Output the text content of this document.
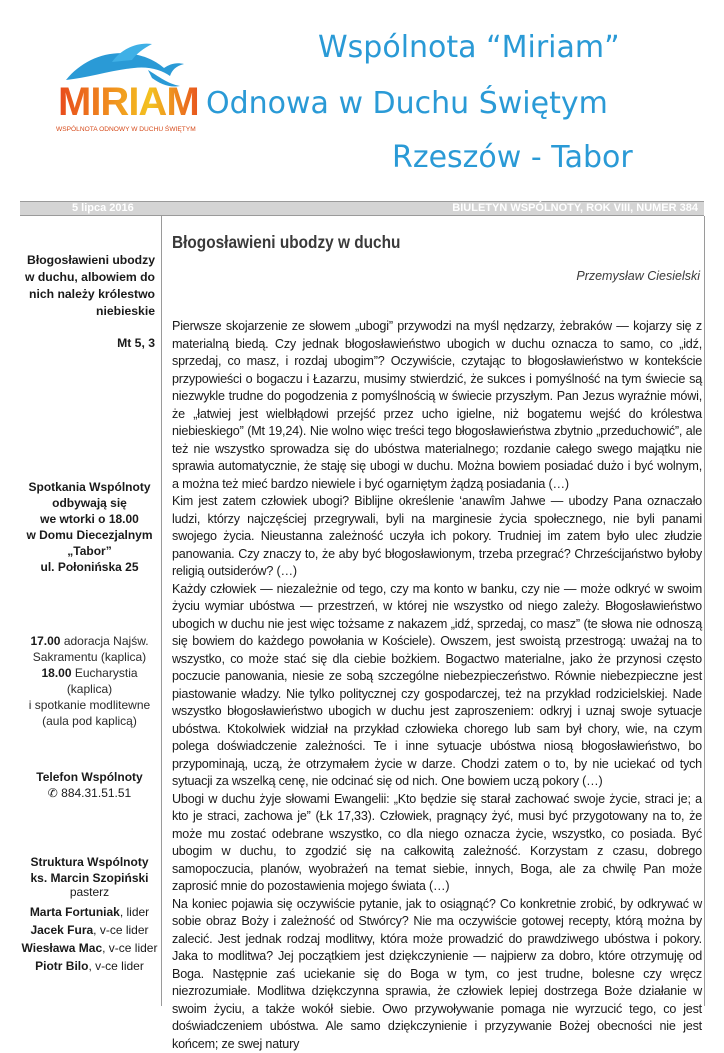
MIRIAM
WSPÓLNOTA ODNOWY W DUCHU ŚWIĘTYM
Wspólnota “Miriam”
Odnowa w Duchu Świętym
Rzeszów - Tabor
5 lipca 2016	BIULETYN WSPÓLNOTY, ROK VIII, NUMER 384
Błogosławieni ubodzy w duchu, albowiem do nich należy królestwo niebieskie
Mt 5, 3
Spotkania Wspólnoty
odbywają się
we wtorki o 18.00
w Domu Diecezjalnym
„Tabor”
ul. Połonińska 25
17.00 adoracja Najśw.
Sakramentu (kaplica)
18.00 Eucharystia (kaplica)
i spotkanie modlitewne
(aula pod kaplicą)
Telefon Wspólnoty
✆ 884.31.51.51
Struktura Wspólnoty
ks. Marcin Szopiński
pasterz
Marta Fortuniak, lider
Jacek Fura, v-ce lider
Wiesława Mac, v-ce lider
Piotr Bilo, v-ce lider
Błogosławieni ubodzy w duchu
Przemysław Ciesielski

Pierwsze skojarzenie ze słowem „ubogi” przywodzi na myśl nędzarzy, żebraków — kojarzy się z materialną biedą. Czy jednak błogosławieństwo ubogich w duchu oznacza to samo, co „idź, sprzedaj, co masz, i rozdaj ubogim”? Oczywiście, czytając to błogosławieństwo w kontekście przypowieści o bogaczu i Łazarzu, musimy stwierdzić, że sukces i pomyślność na tym świecie są niezwykle trudne do pogodzenia z pomyślnością w świecie przyszłym. Pan Jezus wyraźnie mówi, że „łatwiej jest wielbłądowi przejść przez ucho igielne, niż bogatemu wejść do królestwa niebieskiego” (Mt 19,24). Nie wolno więc treści tego błogosławieństwa zbytnio „przeduchowić”, ale też nie wszystko sprowadza się do ubóstwa materialnego; rozdanie całego swego majątku nie sprawia automatycznie, że staję się ubogi w duchu. Można bowiem posiadać dużo i być wolnym, a można też mieć bardzo niewiele i być ogarniętym żądzą posiadania (…)

Kim jest zatem człowiek ubogi? Biblijne określenie ‘anawîm Jahwe — ubodzy Pana oznaczało ludzi, którzy najczęściej przegrywali, byli na marginesie życia społecznego, nie byli panami swojego życia. Nieustanna zależność uczyła ich pokory. Trudniej im zatem było ulec złudzie panowania. Czy znaczy to, że aby być błogosławionym, trzeba przegrać? Chrześcijaństwo byłoby religią outsiderów? (…)

Każdy człowiek — niezależnie od tego, czy ma konto w banku, czy nie — może odkryć w swoim życiu wymiar ubóstwa — przestrzeń, w której nie wszystko od niego zależy. Błogosławieństwo ubogich w duchu nie jest więc tożsame z nakazem „idź, sprzedaj, co masz” (te słowa nie odnoszą się bowiem do każdego powołania w Kościele). Owszem, jest swoistą przestrogą: uważaj na to wszystko, co może stać się dla ciebie bożkiem. Bogactwo materialne, jako że przynosi często poczucie panowania, niesie ze sobą szczególne niebezpieczeństwo. Równie niebezpieczne jest piastowanie władzy. Nie tylko politycznej czy gospodarczej, też na przykład rodzicielskiej. Nade wszystko błogosławieństwo ubogich w duchu jest zaproszeniem: odkryj i uznaj swoje sytuacje ubóstwa. Ktokolwiek widział na przykład człowieka chorego lub sam był chory, wie, na czym polega doświadczenie zależności. Te i inne sytuacje ubóstwa niosą błogosławieństwo, bo przypominają, uczą, że otrzymałem życie w darze. Chodzi zatem o to, by nie uciekać od tych sytuacji za wszelką cenę, nie odcinać się od nich. One bowiem uczą pokory (…)

Ubogi w duchu żyje słowami Ewangelii: „Kto będzie się starał zachować swoje życie, straci je; a kto je straci, zachowa je” (Łk 17,33). Człowiek, pragnący żyć, musi być przygotowany na to, że może mu zostać odebrane wszystko, co dla niego oznacza życie, wszystko, co posiada. Być ubogim w duchu, to zgodzić się na całkowitą zależność. Korzystam z czasu, dobrego samopoczucia, planów, wyobrażeń na temat siebie, innych, Boga, ale za chwilę Pan może zaprosić mnie do pozostawienia mojego świata (…)

Na koniec pojawia się oczywiście pytanie, jak to osiągnąć? Co konkretnie zrobić, by odkrywać w sobie obraz Boży i zależność od Stwórcy? Nie ma oczywiście gotowej recepty, którą można by zalecić. Jest jednak rodzaj modlitwy, która może prowadzić do prawdziwego ubóstwa i pokory. Jaka to modlitwa? Jej początkiem jest dziękczynienie — najpierw za dobro, które otrzymuję od Boga. Następnie zaś uciekanie się do Boga w tym, co jest trudne, bolesne czy wręcz niezrozumiałe. Modlitwa dziękczynna sprawia, że człowiek lepiej dostrzega Boże działanie w swoim życiu, a także wokół siebie. Owo przywoływanie pomaga nie wyrzucić tego, co jest doświadczeniem ubóstwa. Ale samo dziękczynienie i przyzywanie Bożej obecności nie jest końcem; ze swej natury
